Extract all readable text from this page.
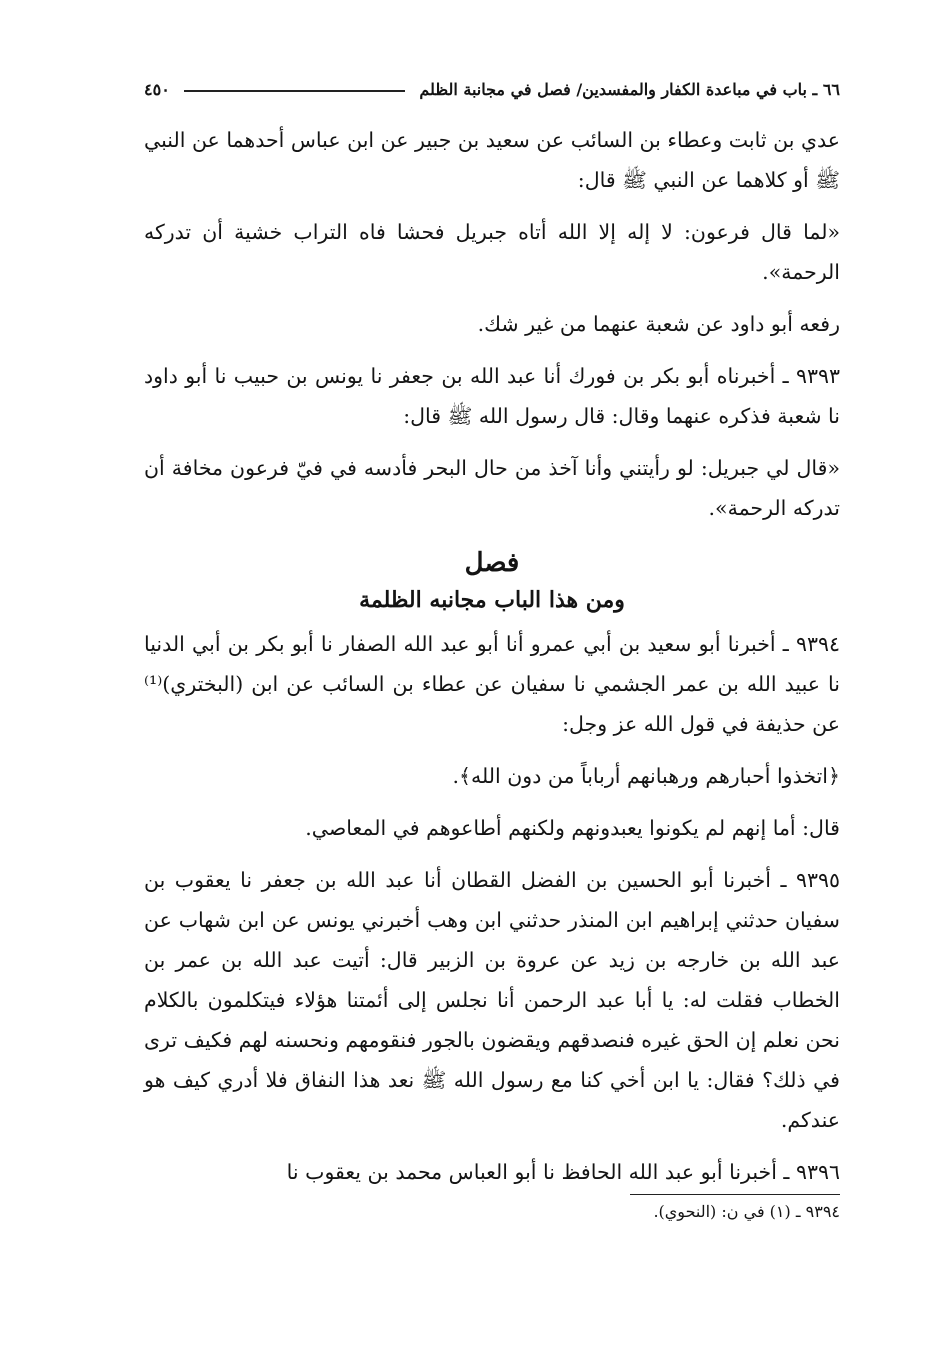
٦٦ ـ باب في مباعدة الكفار والمفسدين/ فصل في مجانبة الظلم
٤٥٠

عدي بن ثابت وعطاء بن السائب عن سعيد بن جبير عن ابن عباس أحدهما عن النبي ﷺ أو كلاهما عن النبي ﷺ قال:

«لما قال فرعون: لا إله إلا الله أتاه جبريل فحشا فاه التراب خشية أن تدركه الرحمة».

رفعه أبو داود عن شعبة عنهما من غير شك.

٩٣٩٣ ـ أخبرناه أبو بكر بن فورك أنا عبد الله بن جعفر نا يونس بن حبيب نا أبو داود نا شعبة فذكره عنهما وقال: قال رسول الله ﷺ قال:

«قال لي جبريل: لو رأيتني وأنا آخذ من حال البحر فأدسه في فيّ فرعون مخافة أن تدركه الرحمة».

فصل
ومن هذا الباب مجانبه الظلمة

٩٣٩٤ ـ أخبرنا أبو سعيد بن أبي عمرو أنا أبو عبد الله الصفار نا أبو بكر بن أبي الدنيا نا عبيد الله بن عمر الجشمي نا سفيان عن عطاء بن السائب عن ابن (البختري)⁽¹⁾ عن حذيفة في قول الله عز وجل:

﴿اتخذوا أحبارهم ورهبانهم أرباباً من دون الله﴾.

قال: أما إنهم لم يكونوا يعبدونهم ولكنهم أطاعوهم في المعاصي.

٩٣٩٥ ـ أخبرنا أبو الحسين بن الفضل القطان أنا عبد الله بن جعفر نا يعقوب بن سفيان حدثني إبراهيم ابن المنذر حدثني ابن وهب أخبرني يونس عن ابن شهاب عن عبد الله بن خارجه بن زيد عن عروة بن الزبير قال: أتيت عبد الله بن عمر بن الخطاب فقلت له: يا أبا عبد الرحمن أنا نجلس إلى أئمتنا هؤلاء فيتكلمون بالكلام نحن نعلم إن الحق غيره فنصدقهم ويقضون بالجور فنقومهم ونحسنه لهم فكيف ترى في ذلك؟ فقال: يا ابن أخي كنا مع رسول الله ﷺ نعد هذا النفاق فلا أدري كيف هو عندكم.

٩٣٩٦ ـ أخبرنا أبو عبد الله الحافظ نا أبو العباس محمد بن يعقوب نا

٩٣٩٤ ـ (١) في ن: (النحوي).
